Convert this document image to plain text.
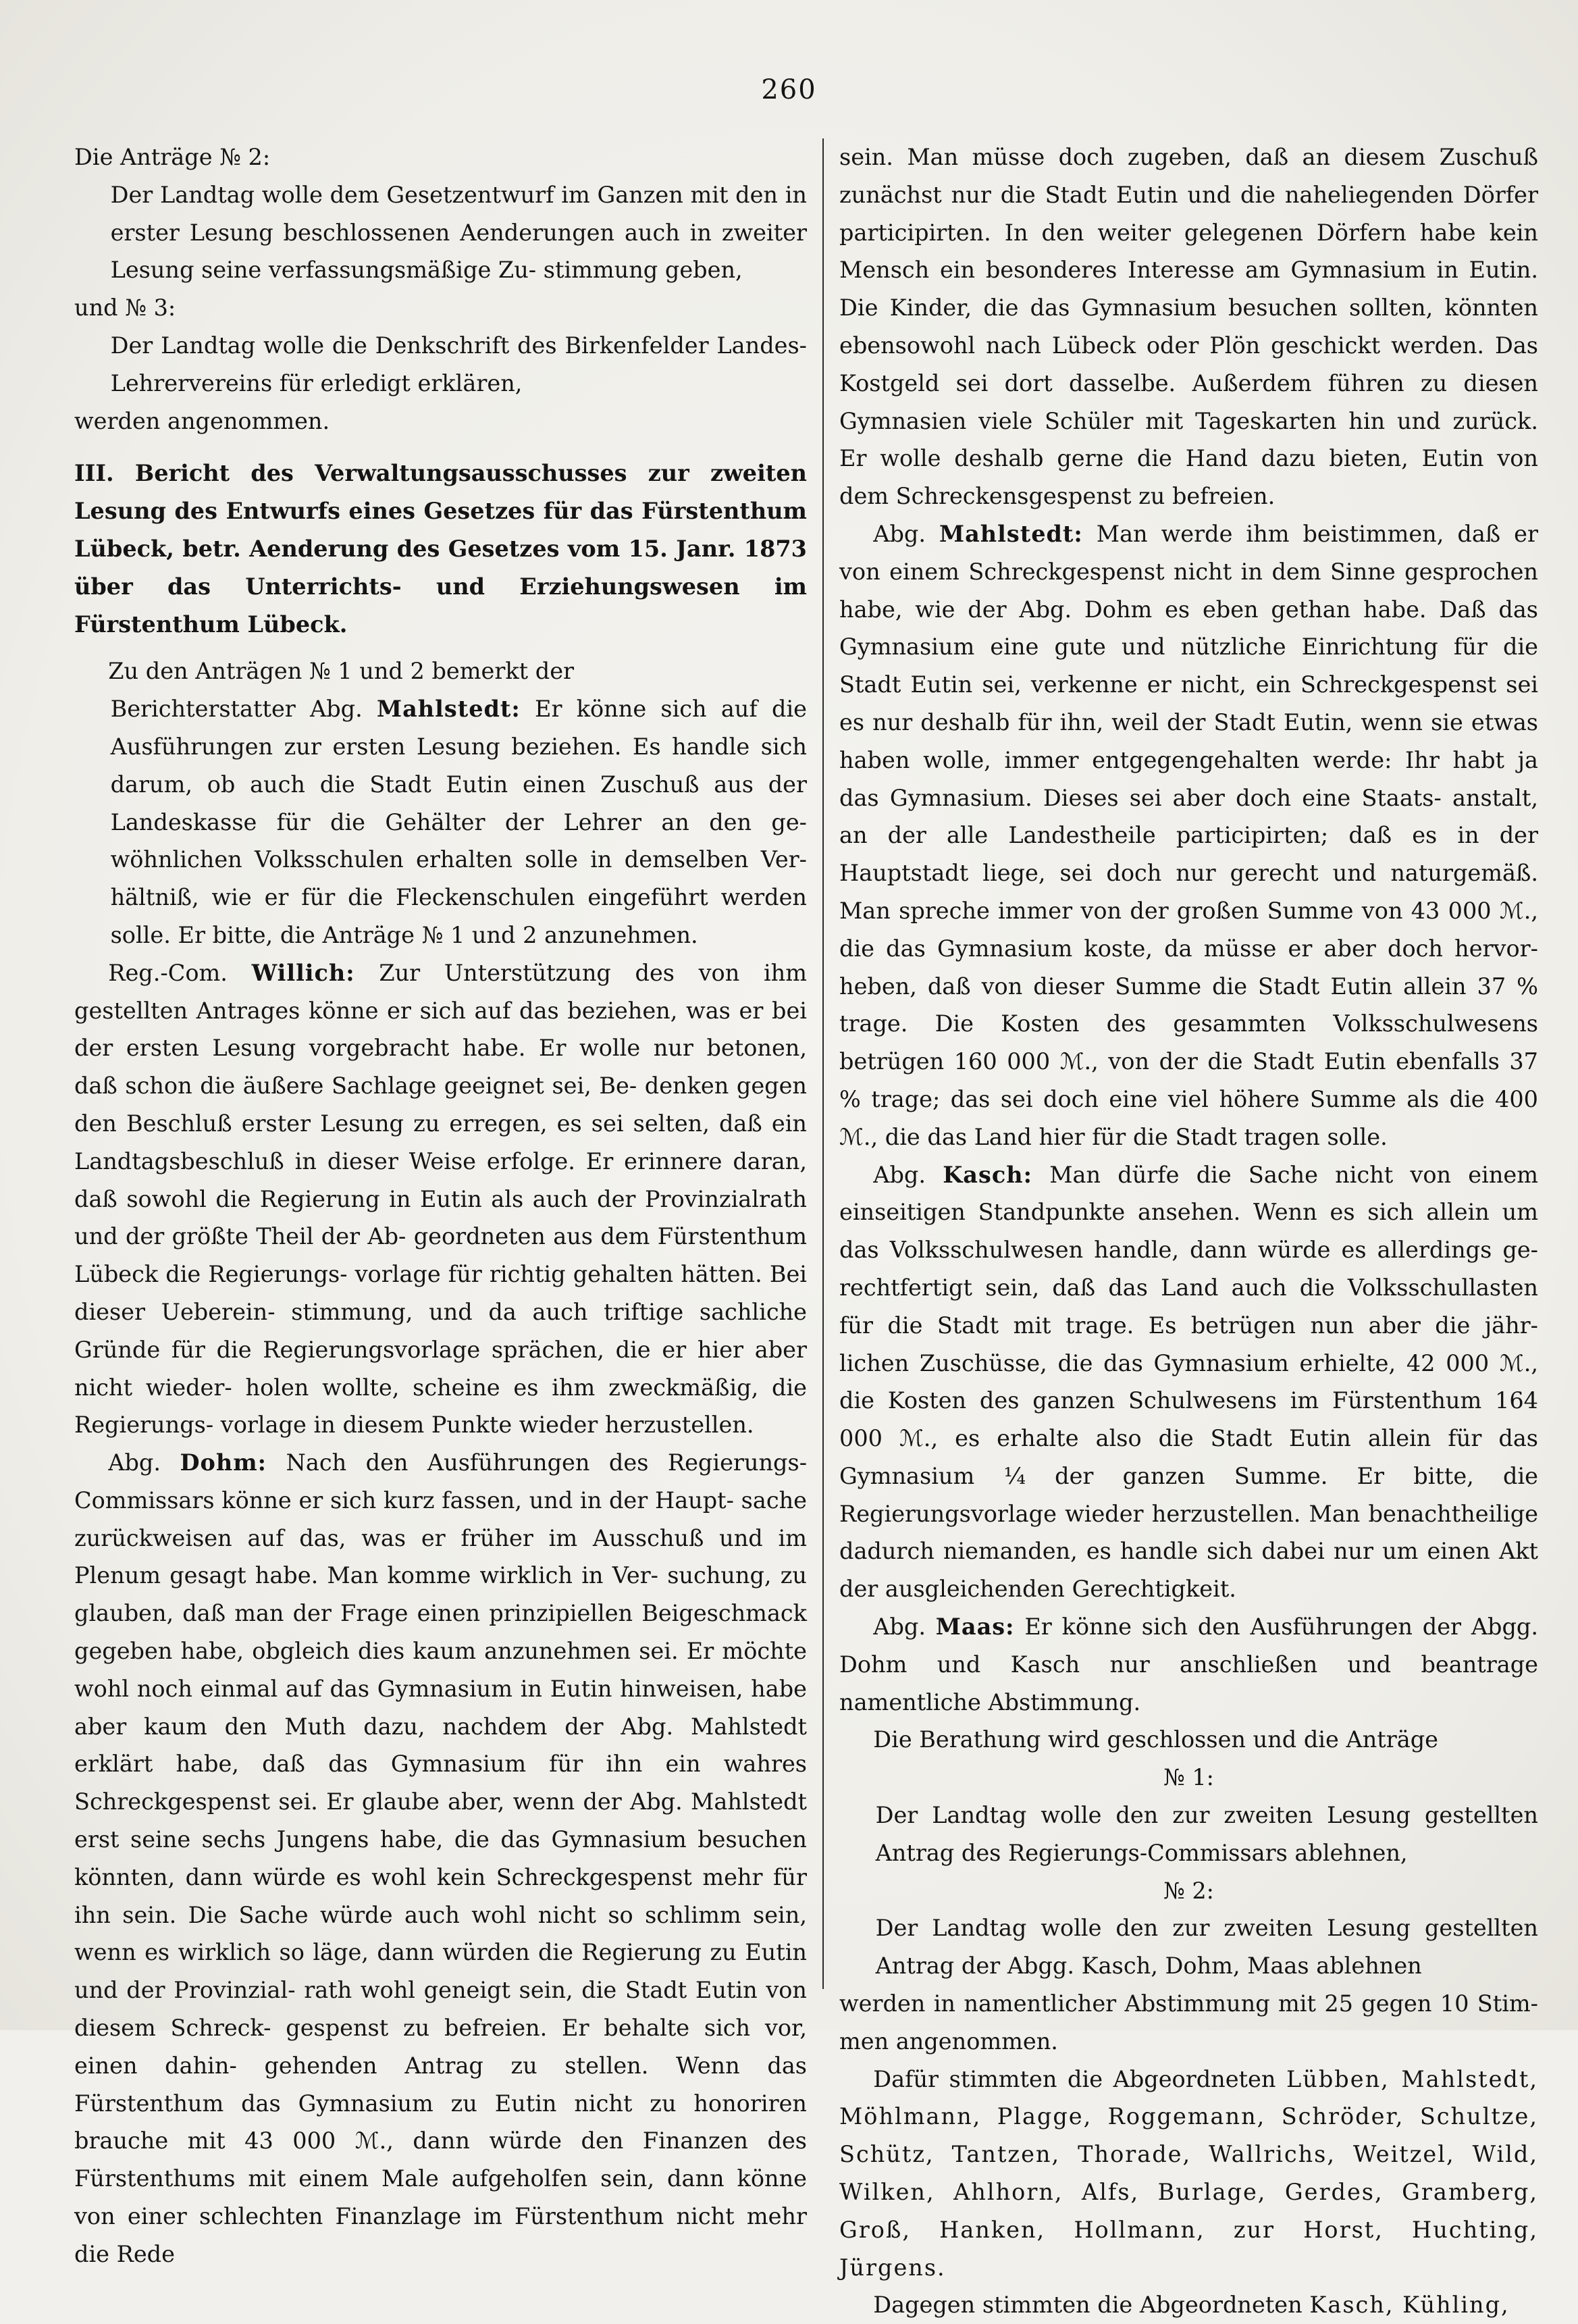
260

Die Anträge № 2:

Der Landtag wolle dem Gesetzentwurf im Ganzen mit den in erster Lesung beschlossenen Aenderungen auch in zweiter Lesung seine verfassungsmäßige Zu- stimmung geben,

und № 3:

Der Landtag wolle die Denkschrift des Birkenfelder Landes-Lehrervereins für erledigt erklären,

werden angenommen.

III. Bericht des Verwaltungsausschusses zur zweiten Lesung des Entwurfs eines Gesetzes für das Fürstenthum Lübeck, betr. Aenderung des Gesetzes vom 15. Janr. 1873 über das Unterrichts- und Erziehungswesen im Fürstenthum Lübeck.

Zu den Anträgen № 1 und 2 bemerkt der

Berichterstatter Abg. Mahlstedt: Er könne sich auf die Ausführungen zur ersten Lesung beziehen. Es handle sich darum, ob auch die Stadt Eutin einen Zuschuß aus der Landeskasse für die Gehälter der Lehrer an den ge- wöhnlichen Volksschulen erhalten solle in demselben Ver- hältniß, wie er für die Fleckenschulen eingeführt werden solle. Er bitte, die Anträge № 1 und 2 anzunehmen.

Reg.-Com. Willich: Zur Unterstützung des von ihm gestellten Antrages könne er sich auf das beziehen, was er bei der ersten Lesung vorgebracht habe. Er wolle nur betonen, daß schon die äußere Sachlage geeignet sei, Be- denken gegen den Beschluß erster Lesung zu erregen, es sei selten, daß ein Landtagsbeschluß in dieser Weise erfolge. Er erinnere daran, daß sowohl die Regierung in Eutin als auch der Provinzialrath und der größte Theil der Ab- geordneten aus dem Fürstenthum Lübeck die Regierungs- vorlage für richtig gehalten hätten. Bei dieser Ueberein- stimmung, und da auch triftige sachliche Gründe für die Regierungsvorlage sprächen, die er hier aber nicht wieder- holen wollte, scheine es ihm zweckmäßig, die Regierungs- vorlage in diesem Punkte wieder herzustellen.

Abg. Dohm: Nach den Ausführungen des Regierungs- Commissars könne er sich kurz fassen, und in der Haupt- sache zurückweisen auf das, was er früher im Ausschuß und im Plenum gesagt habe. Man komme wirklich in Ver- suchung, zu glauben, daß man der Frage einen prinzipiellen Beigeschmack gegeben habe, obgleich dies kaum anzunehmen sei. Er möchte wohl noch einmal auf das Gymnasium in Eutin hinweisen, habe aber kaum den Muth dazu, nachdem der Abg. Mahlstedt erklärt habe, daß das Gymnasium für ihn ein wahres Schreckgespenst sei. Er glaube aber, wenn der Abg. Mahlstedt erst seine sechs Jungens habe, die das Gymnasium besuchen könnten, dann würde es wohl kein Schreckgespenst mehr für ihn sein. Die Sache würde auch wohl nicht so schlimm sein, wenn es wirklich so läge, dann würden die Regierung zu Eutin und der Provinzial- rath wohl geneigt sein, die Stadt Eutin von diesem Schreck- gespenst zu befreien. Er behalte sich vor, einen dahin- gehenden Antrag zu stellen. Wenn das Fürstenthum das Gymnasium zu Eutin nicht zu honoriren brauche mit 43 000 ℳ., dann würde den Finanzen des Fürstenthums mit einem Male aufgeholfen sein, dann könne von einer schlechten Finanzlage im Fürstenthum nicht mehr die Rede

sein. Man müsse doch zugeben, daß an diesem Zuschuß zunächst nur die Stadt Eutin und die naheliegenden Dörfer participirten. In den weiter gelegenen Dörfern habe kein Mensch ein besonderes Interesse am Gymnasium in Eutin. Die Kinder, die das Gymnasium besuchen sollten, könnten ebensowohl nach Lübeck oder Plön geschickt werden. Das Kostgeld sei dort dasselbe. Außerdem führen zu diesen Gymnasien viele Schüler mit Tageskarten hin und zurück. Er wolle deshalb gerne die Hand dazu bieten, Eutin von dem Schreckensgespenst zu befreien.

Abg. Mahlstedt: Man werde ihm beistimmen, daß er von einem Schreckgespenst nicht in dem Sinne gesprochen habe, wie der Abg. Dohm es eben gethan habe. Daß das Gymnasium eine gute und nützliche Einrichtung für die Stadt Eutin sei, verkenne er nicht, ein Schreckgespenst sei es nur deshalb für ihn, weil der Stadt Eutin, wenn sie etwas haben wolle, immer entgegengehalten werde: Ihr habt ja das Gymnasium. Dieses sei aber doch eine Staats- anstalt, an der alle Landestheile participirten; daß es in der Hauptstadt liege, sei doch nur gerecht und naturgemäß. Man spreche immer von der großen Summe von 43 000 ℳ., die das Gymnasium koste, da müsse er aber doch hervor- heben, daß von dieser Summe die Stadt Eutin allein 37 % trage. Die Kosten des gesammten Volksschulwesens betrügen 160 000 ℳ., von der die Stadt Eutin ebenfalls 37 % trage; das sei doch eine viel höhere Summe als die 400 ℳ., die das Land hier für die Stadt tragen solle.

Abg. Kasch: Man dürfe die Sache nicht von einem einseitigen Standpunkte ansehen. Wenn es sich allein um das Volksschulwesen handle, dann würde es allerdings ge- rechtfertigt sein, daß das Land auch die Volksschullasten für die Stadt mit trage. Es betrügen nun aber die jähr- lichen Zuschüsse, die das Gymnasium erhielte, 42 000 ℳ., die Kosten des ganzen Schulwesens im Fürstenthum 164 000 ℳ., es erhalte also die Stadt Eutin allein für das Gymnasium ¼ der ganzen Summe. Er bitte, die Regierungsvorlage wieder herzustellen. Man benachtheilige dadurch niemanden, es handle sich dabei nur um einen Akt der ausgleichenden Gerechtigkeit.

Abg. Maas: Er könne sich den Ausführungen der Abgg. Dohm und Kasch nur anschließen und beantrage namentliche Abstimmung.

Die Berathung wird geschlossen und die Anträge

№ 1:

Der Landtag wolle den zur zweiten Lesung gestellten Antrag des Regierungs-Commissars ablehnen,

№ 2:

Der Landtag wolle den zur zweiten Lesung gestellten Antrag der Abgg. Kasch, Dohm, Maas ablehnen

werden in namentlicher Abstimmung mit 25 gegen 10 Stim- men angenommen.

Dafür stimmten die Abgeordneten Lübben, Mahlstedt, Möhlmann, Plagge, Roggemann, Schröder, Schultze, Schütz, Tantzen, Thorade, Wallrichs, Weitzel, Wild, Wilken, Ahlhorn, Alfs, Burlage, Gerdes, Gramberg, Groß, Hanken, Hollmann, zur Horst, Huchting, Jürgens.

Dagegen stimmten die Abgeordneten Kasch, Kühling,
